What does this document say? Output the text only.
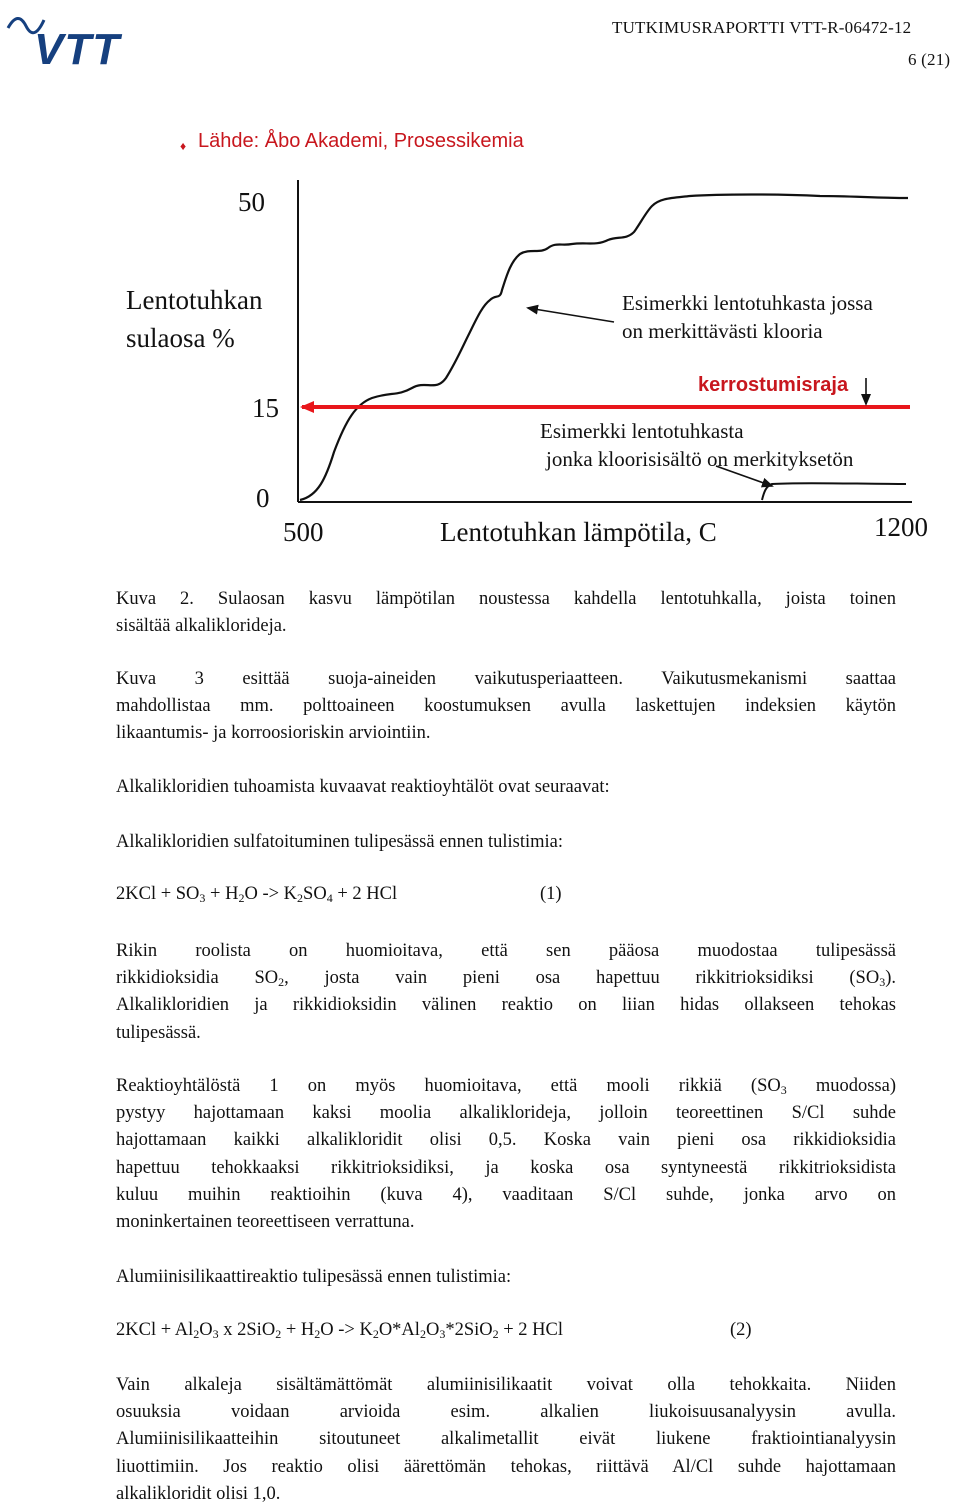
VTT	TUTKIMUSRAPORTTI VTT-R-06472-12
6 (21)
♦ Lähde: Åbo Akademi, Prosessikemia
50
Lentotuhkan
sulaosa %
15
0
500	Lentotuhkan lämpötila, C	1200
Esimerkki lentotuhkasta jossa
on merkittävästi klooria
kerrostumisraja
Esimerkki lentotuhkasta
jonka kloorisisältö on merkityksetön
Kuva 2. Sulaosan kasvu lämpötilan noustessa kahdella lentotuhkalla, joista toinen
sisältää alkaliklorideja.
Kuva 3 esittää suoja-aineiden vaikutusperiaatteen. Vaikutusmekanismi saattaa
mahdollistaa mm. polttoaineen koostumuksen avulla laskettujen indeksien käytön
likaantumis- ja korroosioriskin arviointiin.
Alkalikloridien tuhoamista kuvaavat reaktioyhtälöt ovat seuraavat:
Alkalikloridien sulfatoituminen tulipesässä ennen tulistimia:
$2KCl + SO_3 + H_2O -> K_2SO_4 + 2$ HCl	(1)
Rikin roolista on huomioitava, että sen pääosa muodostaa tulipesässä
rikkidioksidia $SO_2$, josta vain pieni osa hapettuu rikkitrioksidiksi $(SO_3)$.
Alkalikloridien ja rikkidioksidin välinen reaktio on liian hidas ollakseen tehokas
tulipesässä.
Reaktioyhtälöstä 1 on myös huomioitava, että mooli rikkiä ($SO_3$ muodossa)
pystyy hajottamaan kaksi moolia alkaliklorideja, jolloin teoreettinen S/Cl suhde
hajottamaan kaikki alkalikloridit olisi 0,5. Koska vain pieni osa rikkidioksidia
hapettuu tehokkaaksi rikkitrioksidiksi, ja koska osa syntyneestä rikkitrioksidista
kuluu muihin reaktioihin (kuva 4), vaaditaan S/Cl suhde, jonka arvo on
moninkertainen teoreettiseen verrattuna.
Alumiinisilikaattireaktio tulipesässä ennen tulistimia:
$2KCl + Al_2O_3$ x $2SiO_2 + H_2O -> K_2O*Al_2O_3*2SiO_2 + 2$ HCl	(2)
Vain alkaleja sisältämättömät alumiinisilikaatit voivat olla tehokkaita. Niiden
osuuksia voidaan arvioida esim. alkalien liukoisuusanalyysin avulla.
Alumiinisilikaatteihin sitoutuneet alkalimetallit eivät liukene fraktiointianalyysin
liuottimiin. Jos reaktio olisi äärettömän tehokas, riittävä Al/Cl suhde hajottamaan
alkalikloridit olisi 1,0.
